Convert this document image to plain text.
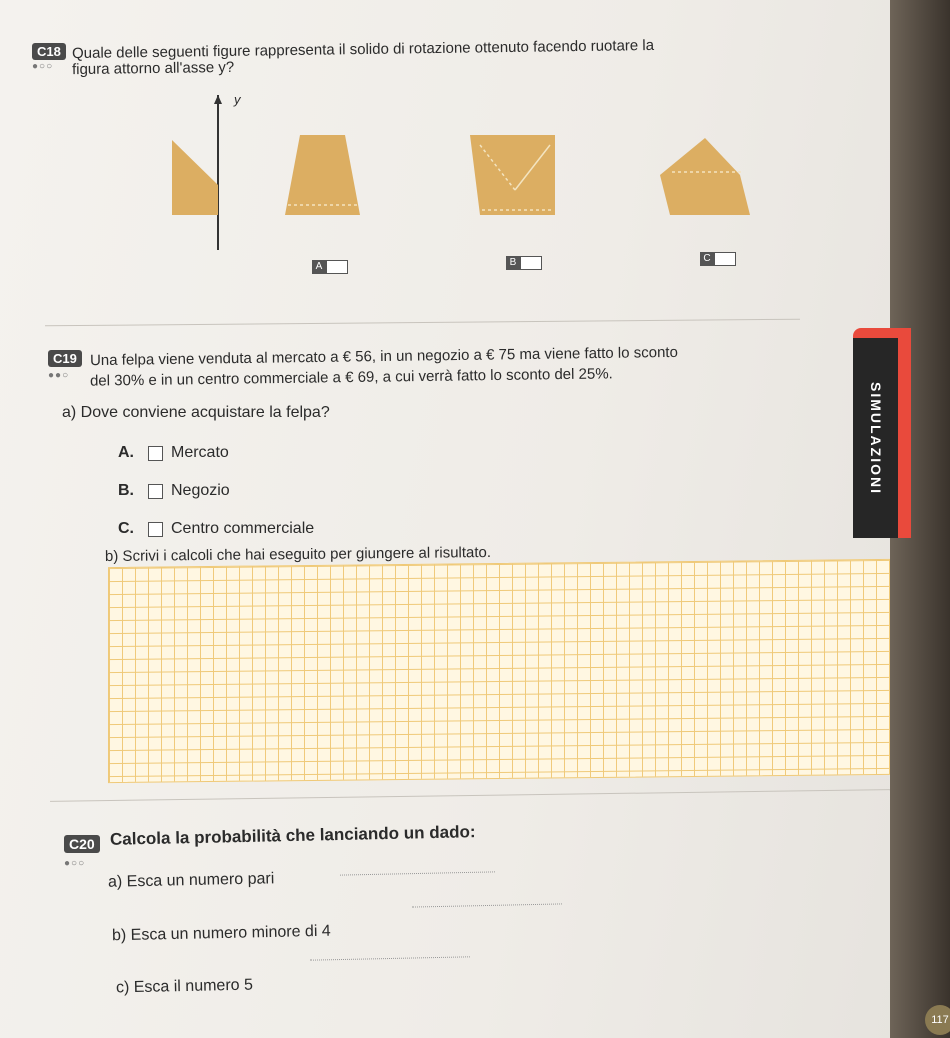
C18
●○○
Quale delle seguenti figure rappresenta il solido di rotazione ottenuto facendo ruotare la
figura attorno all'asse y?
y
A	B	C
C19
●●○
Una felpa viene venduta al mercato a € 56, in un negozio a € 75 ma viene fatto lo sconto
del 30% e in un centro commerciale a € 69, a cui verrà fatto lo sconto del 25%.
a) Dove conviene acquistare la felpa?
A.	Mercato
B.	Negozio
C.	Centro commerciale
b) Scrivi i calcoli che hai eseguito per giungere al risultato.
C20
●○○
Calcola la probabilità che lanciando un dado:
a) Esca un numero pari
b) Esca un numero minore di 4
c) Esca il numero 5
SIMULAZIONI
117
